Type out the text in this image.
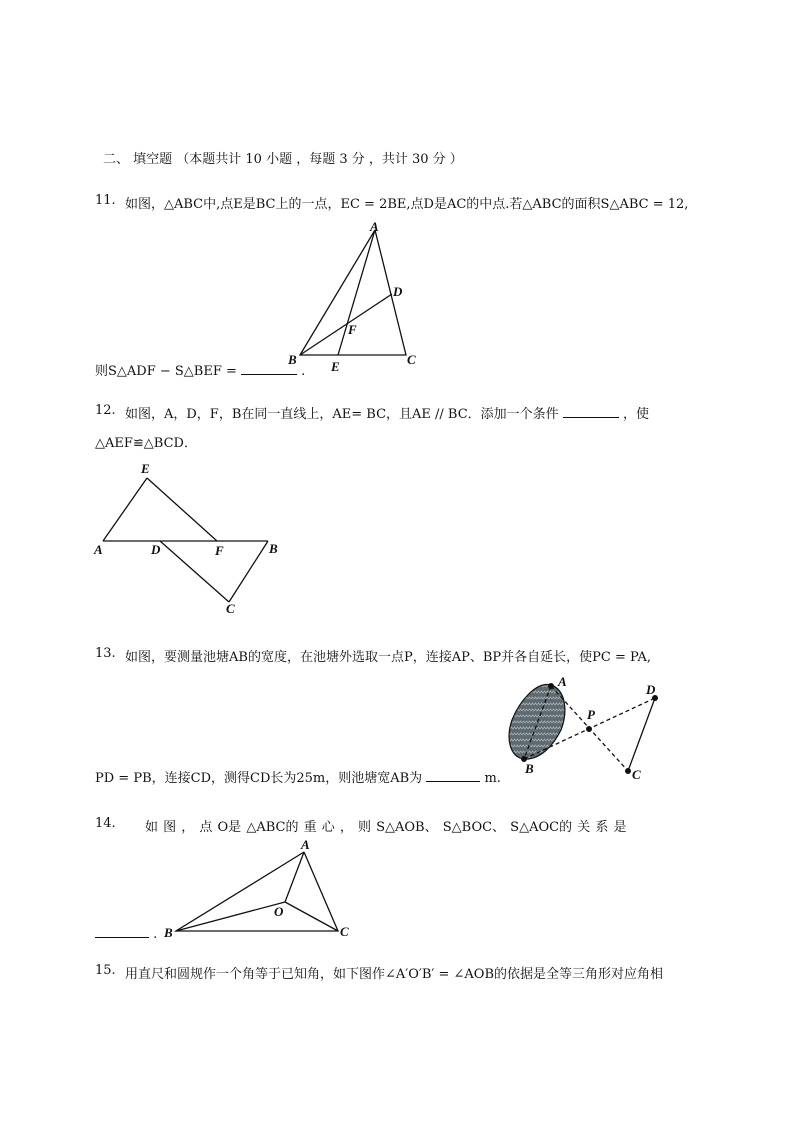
二、 填空题 （本题共计 10 小题 ，每题 3 分 ，共计 30 分 ）
11. 如图，△ABC中,点E是BC上的一点，EC = 2BE,点D是AC的中点.若△ABC的面积S△ABC = 12,
A
D
F
B	E	C
则S△ADF − S△BEF =	.
12. 如图，A，D，F，B在同一直线上，AE= BC，且AE // BC．添加一个条件	，使
△AEF≌△BCD．
E
A	D	F	B
C
13. 如图，要测量池塘AB的宽度，在池塘外选取一点P，连接AP、BP并各自延长，使PC = PA,
A
B
P
D
C
PD = PB，连接CD，测得CD长为25m，则池塘宽AB为	m.
14. 如 图 ， 点 O是 △ABC的 重 心 ， 则 S△AOB、 S△BOC、 S△AOC的 关 系 是
A
O
B	C
.
15. 用直尺和圆规作一个角等于已知角，如下图作∠A′O′B′ = ∠AOB的依据是全等三角形对应角相
